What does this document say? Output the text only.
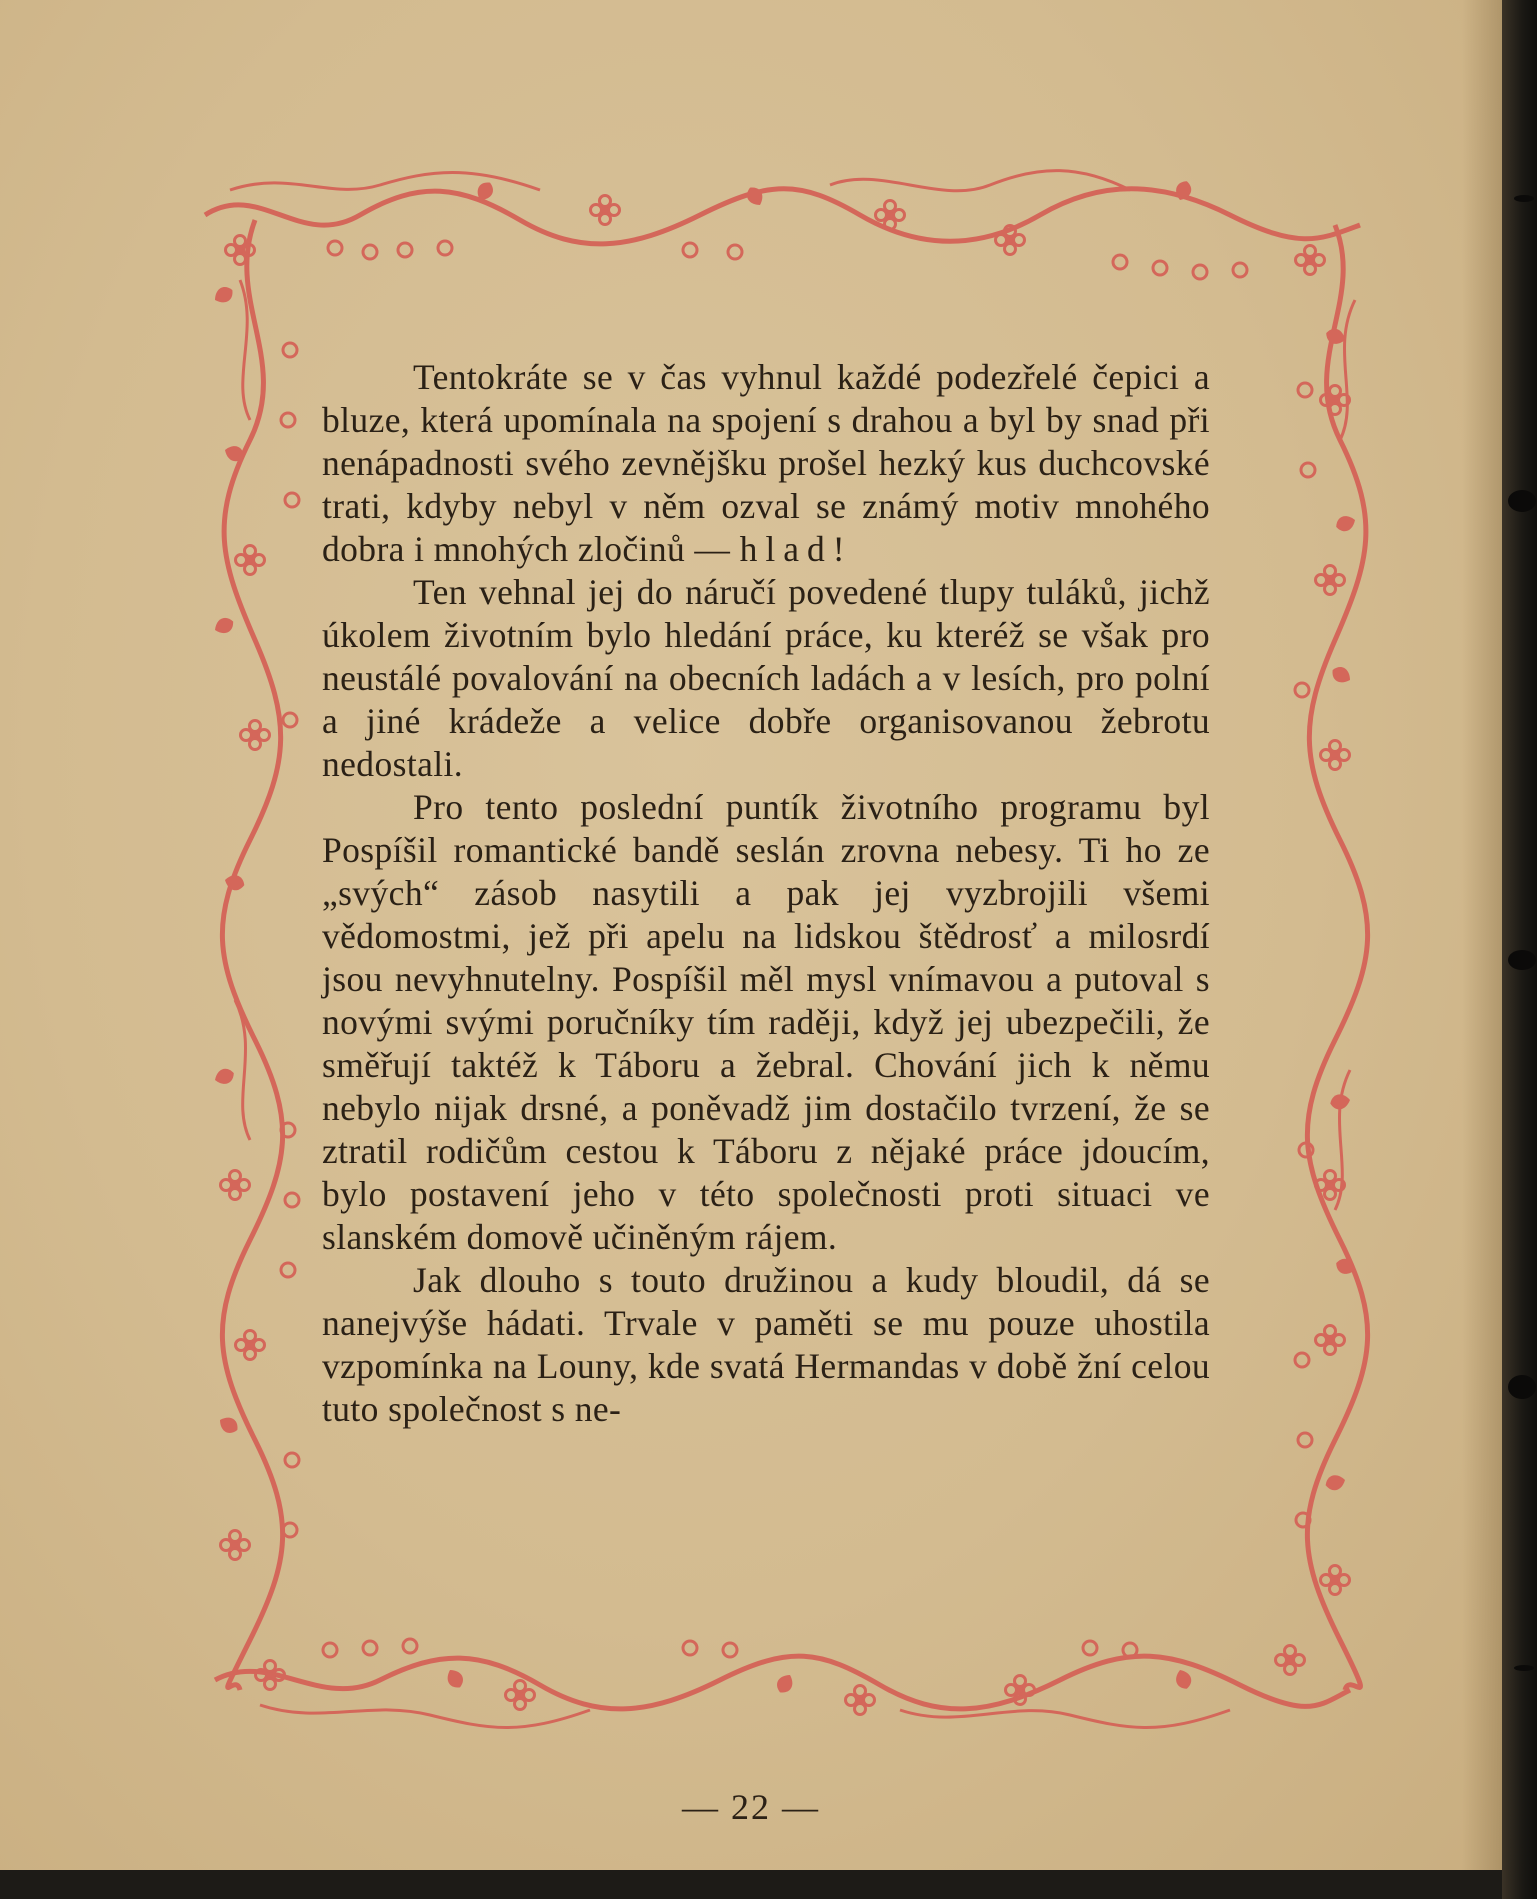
Tentokráte se v čas vyhnul každé podezřelé čepici a bluze, která upomínala na spojení s drahou a byl by snad při nenápadnosti svého zevnějšku prošel hezký kus duchcovské trati, kdyby nebyl v něm ozval se známý motiv mnohého dobra i mnohých zločinů — hlad!

Ten vehnal jej do náručí povedené tlupy tuláků, jichž úkolem životním bylo hledání práce, ku kteréž se však pro neustálé povalování na obecních ladách a v lesích, pro polní a jiné krádeže a velice dobře organisovanou žebrotu nedostali.

Pro tento poslední puntík životního programu byl Pospíšil romantické bandě seslán zrovna nebesy. Ti ho ze „svých“ zásob nasytili a pak jej vyzbrojili všemi vědomostmi, jež při apelu na lidskou štědrosť a milosrdí jsou nevyhnutelny. Pospíšil měl mysl vnímavou a putoval s novými svými poručníky tím raději, když jej ubezpečili, že směřují taktéž k Táboru a žebral. Chování jich k němu nebylo nijak drsné, a poněvadž jim dostačilo tvrzení, že se ztratil rodičům cestou k Táboru z nějaké práce jdoucím, bylo postavení jeho v této společnosti proti situaci ve slanském domově učiněným rájem.

Jak dlouho s touto družinou a kudy bloudil, dá se nanejvýše hádati. Trvale v paměti se mu pouze uhostila vzpomínka na Louny, kde svatá Hermandas v době žní celou tuto společnost s ne-

— 22 —
